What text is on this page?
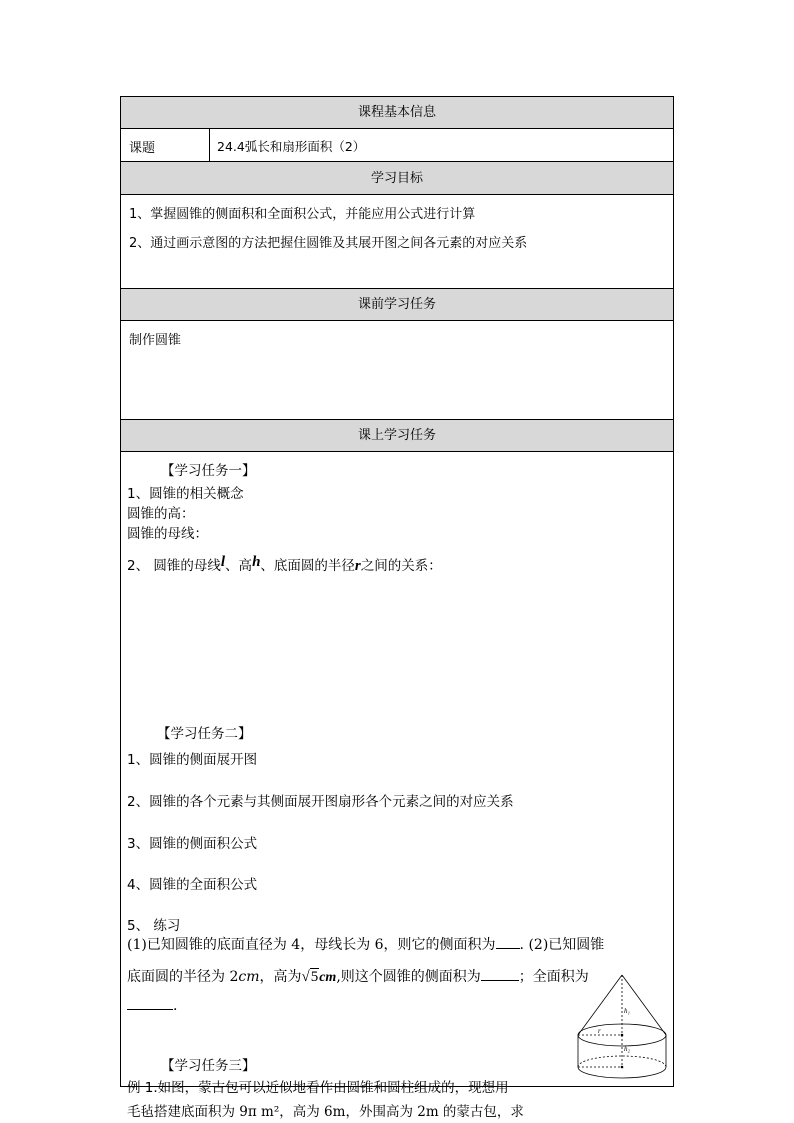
课程基本信息
课题	24.4弧长和扇形面积（2）
学习目标
1、掌握圆锥的侧面积和全面积公式，并能应用公式进行计算
2、通过画示意图的方法把握住圆锥及其展开图之间各元素的对应关系
课前学习任务
制作圆锥
课上学习任务
【学习任务一】
1、圆锥的相关概念
圆锥的高：
圆锥的母线：
2、 圆锥的母线l、高h、底面圆的半径r之间的关系：
【学习任务二】
1、圆锥的侧面展开图
2、圆锥的各个元素与其侧面展开图扇形各个元素之间的对应关系
3、圆锥的侧面积公式
4、圆锥的全面积公式
5、 练习
(1)已知圆锥的底面直径为 4，母线长为 6，则它的侧面积为 . (2)已知圆锥
底面圆的半径为 2cm，高为√5cm,则这个圆锥的侧面积为	；全面积为
.
【学习任务三】
例 1.如图，蒙古包可以近似地看作由圆锥和圆柱组成的，现想用
毛毡搭建底面积为 9π m²，高为 6m，外围高为 2m 的蒙古包，求
h₁
h₂
r
